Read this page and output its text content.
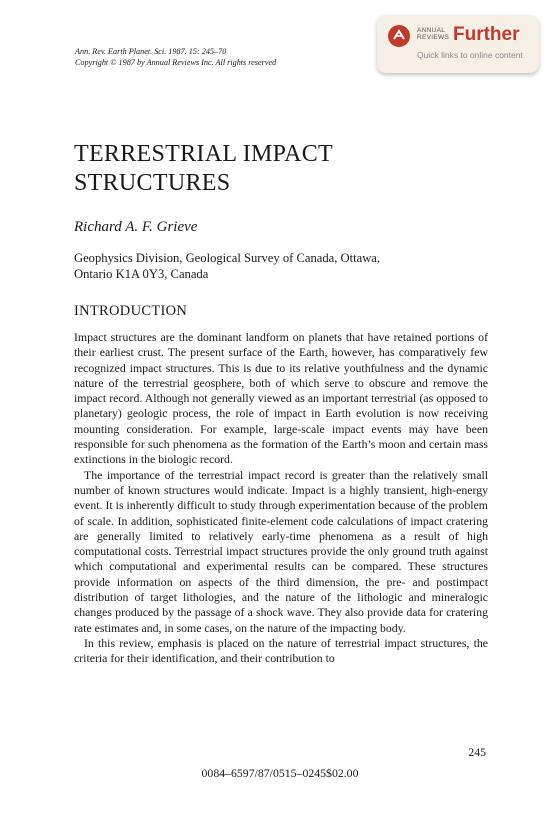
Ann. Rev. Earth Planet. Sci. 1987. 15: 245–70
Copyright © 1987 by Annual Reviews Inc. All rights reserved
ANNUAL
REVIEWS Further
Quick links to online content
TERRESTRIAL IMPACT
STRUCTURES
Richard A. F. Grieve
Geophysics Division, Geological Survey of Canada, Ottawa,
Ontario K1A 0Y3, Canada
INTRODUCTION

Impact structures are the dominant landform on planets that have retained portions of their earliest crust. The present surface of the Earth, however, has comparatively few recognized impact structures. This is due to its relative youthfulness and the dynamic nature of the terrestrial geosphere, both of which serve to obscure and remove the impact record. Although not generally viewed as an important terrestrial (as opposed to planetary) geologic process, the role of impact in Earth evolution is now receiving mounting consideration. For example, large-scale impact events may have been responsible for such phenomena as the formation of the Earth’s moon and certain mass extinctions in the biologic record.

The importance of the terrestrial impact record is greater than the relatively small number of known structures would indicate. Impact is a highly transient, high-energy event. It is inherently difficult to study through experimentation because of the problem of scale. In addition, sophisticated finite-element code calculations of impact cratering are generally limited to relatively early-time phenomena as a result of high computational costs. Terrestrial impact structures provide the only ground truth against which computational and experimental results can be compared. These structures provide information on aspects of the third dimension, the pre- and postimpact distribution of target lithologies, and the nature of the lithologic and mineralogic changes produced by the passage of a shock wave. They also provide data for cratering rate estimates and, in some cases, on the nature of the impacting body.

In this review, emphasis is placed on the nature of terrestrial impact structures, the criteria for their identification, and their contribution to

245
0084–6597/87/0515–0245$02.00
